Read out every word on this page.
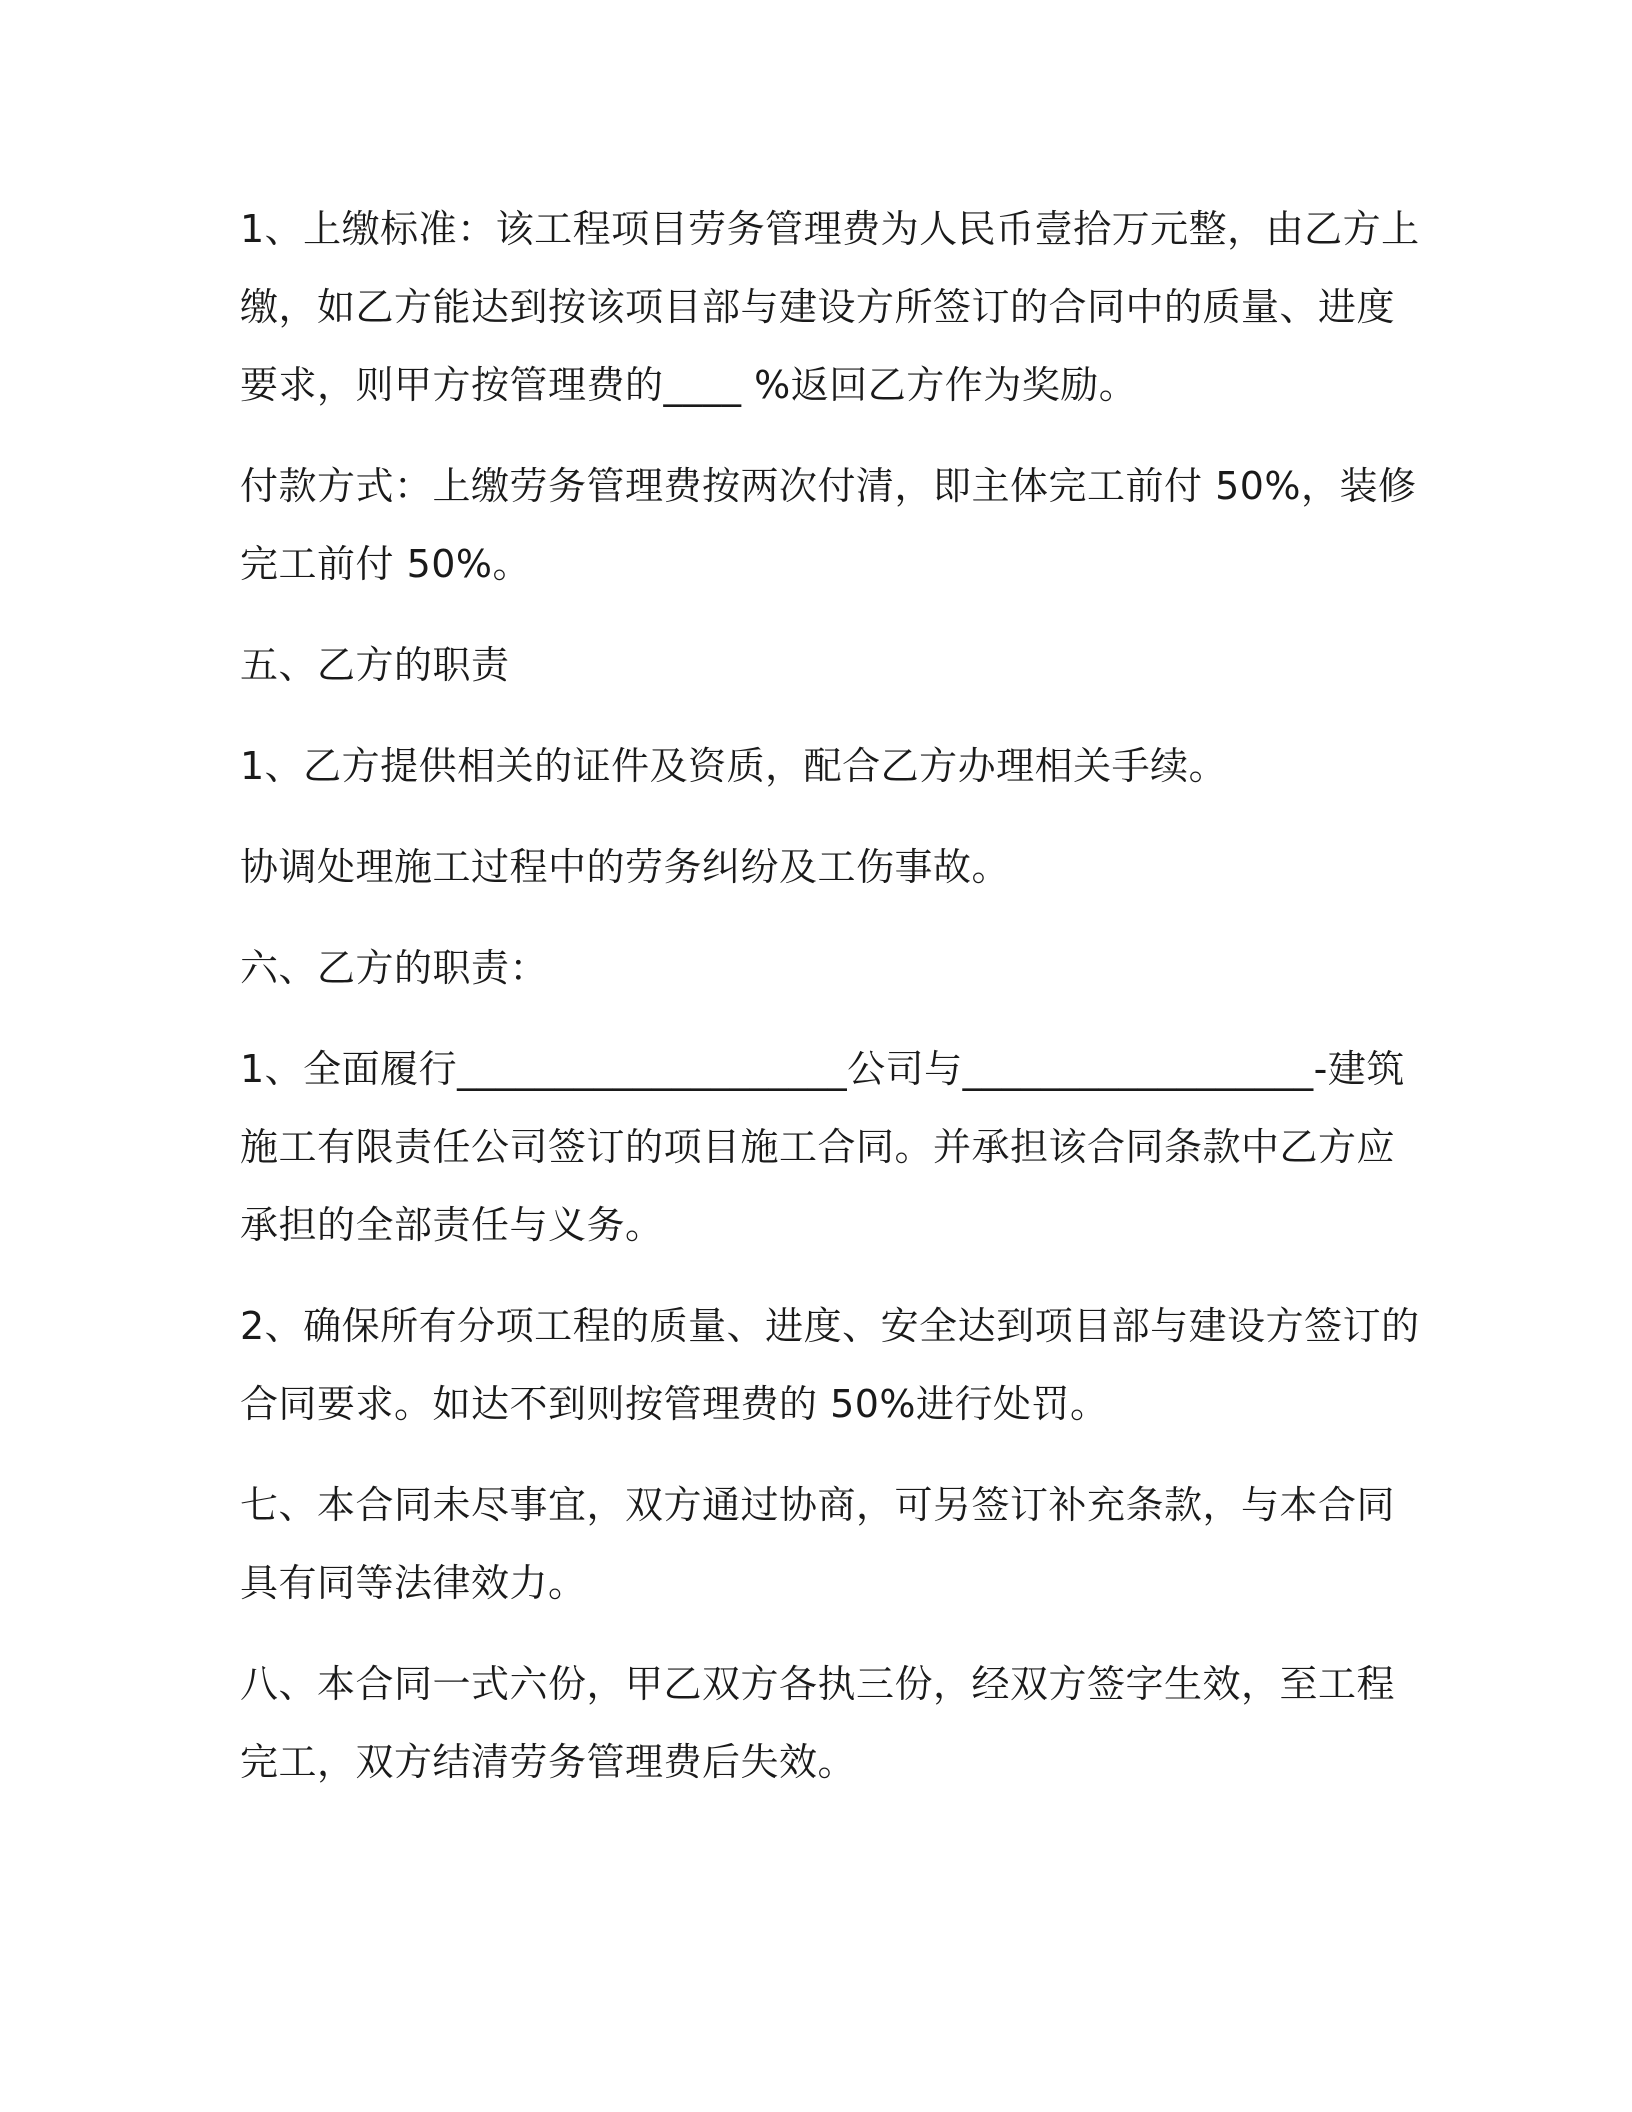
1、上缴标准：该工程项目劳务管理费为人民币壹拾万元整，由乙方上
缴，如乙方能达到按该项目部与建设方所签订的合同中的质量、进度
要求，则甲方按管理费的____ %返回乙方作为奖励。

付款方式：上缴劳务管理费按两次付清，即主体完工前付 50%，装修
完工前付 50%。

五、乙方的职责

1、乙方提供相关的证件及资质，配合乙方办理相关手续。

协调处理施工过程中的劳务纠纷及工伤事故。

六、乙方的职责：

1、全面履行____________________公司与__________________-建筑
施工有限责任公司签订的项目施工合同。并承担该合同条款中乙方应
承担的全部责任与义务。

2、确保所有分项工程的质量、进度、安全达到项目部与建设方签订的
合同要求。如达不到则按管理费的 50%进行处罚。

七、本合同未尽事宜，双方通过协商，可另签订补充条款，与本合同
具有同等法律效力。

八、本合同一式六份，甲乙双方各执三份，经双方签字生效，至工程
完工，双方结清劳务管理费后失效。
